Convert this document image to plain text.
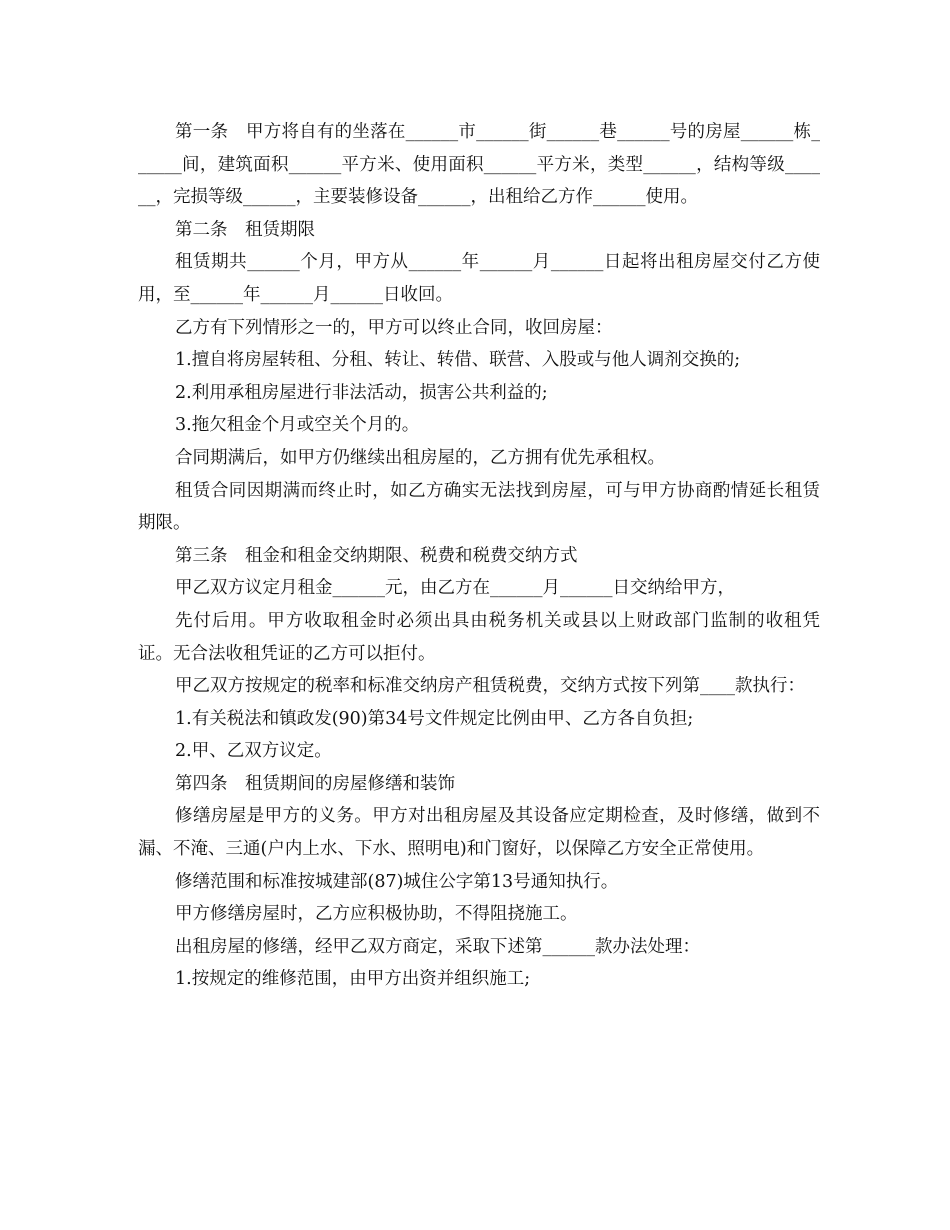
第一条　甲方将自有的坐落在______市______街______巷______号的房屋______栋______间，建筑面积______平方米、使用面积______平方米，类型______，结构等级______，完损等级______，主要装修设备______，出租给乙方作______使用。

第二条　租赁期限

租赁期共______个月，甲方从______年______月______日起将出租房屋交付乙方使用，至______年______月______日收回。

乙方有下列情形之一的，甲方可以终止合同，收回房屋：

1.擅自将房屋转租、分租、转让、转借、联营、入股或与他人调剂交换的;

2.利用承租房屋进行非法活动，损害公共利益的;

3.拖欠租金个月或空关个月的。

合同期满后，如甲方仍继续出租房屋的，乙方拥有优先承租权。

租赁合同因期满而终止时，如乙方确实无法找到房屋，可与甲方协商酌情延长租赁期限。

第三条　租金和租金交纳期限、税费和税费交纳方式

甲乙双方议定月租金______元，由乙方在______月______日交纳给甲方，

先付后用。甲方收取租金时必须出具由税务机关或县以上财政部门监制的收租凭证。无合法收租凭证的乙方可以拒付。

甲乙双方按规定的税率和标准交纳房产租赁税费，交纳方式按下列第____款执行：

1.有关税法和镇政发(90)第34号文件规定比例由甲、乙方各自负担;

2.甲、乙双方议定。

第四条　租赁期间的房屋修缮和装饰

修缮房屋是甲方的义务。甲方对出租房屋及其设备应定期检查，及时修缮，做到不漏、不淹、三通(户内上水、下水、照明电)和门窗好，以保障乙方安全正常使用。

修缮范围和标准按城建部(87)城住公字第13号通知执行。

甲方修缮房屋时，乙方应积极协助，不得阻挠施工。

出租房屋的修缮，经甲乙双方商定，采取下述第______款办法处理：

1.按规定的维修范围，由甲方出资并组织施工;
